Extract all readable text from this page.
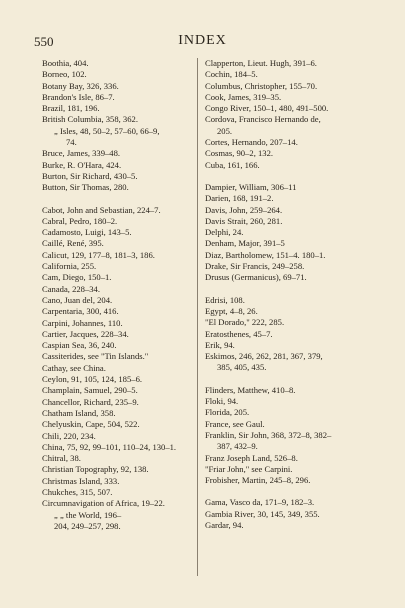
550	INDEX
Boothia, 404.
Borneo, 102.
Botany Bay, 326, 336.
Brandon's Isle, 86–7.
Brazil, 181, 196.
British Columbia, 358, 362.
„ Isles, 48, 50–2, 57–60, 66–9,
74.
Bruce, James, 339–48.
Burke, R. O'Hara, 424.
Burton, Sir Richard, 430–5.
Button, Sir Thomas, 280.
Cabot, John and Sebastian, 224–7.
Cabral, Pedro, 180–2.
Cadamosto, Luigi, 143–5.
Caillé, René, 395.
Calicut, 129, 177–8, 181–3, 186.
California, 255.
Cam, Diego, 150–1.
Canada, 228–34.
Cano, Juan del, 204.
Carpentaria, 300, 416.
Carpini, Johannes, 110.
Cartier, Jacques, 228–34.
Caspian Sea, 36, 240.
Cassiterides, see "Tin Islands."
Cathay, see China.
Ceylon, 91, 105, 124, 185–6.
Champlain, Samuel, 290–5.
Chancellor, Richard, 235–9.
Chatham Island, 358.
Chelyuskin, Cape, 504, 522.
Chili, 220, 234.
China, 75, 92, 99–101, 110–24, 130–1.
Chitral, 38.
Christian Topography, 92, 138.
Christmas Island, 333.
Chukches, 315, 507.
Circumnavigation of Africa, 19–22.
„ „ the World, 196–
204, 249–257, 298.
Clapperton, Lieut. Hugh, 391–6.
Cochin, 184–5.
Columbus, Christopher, 155–70.
Cook, James, 319–35.
Congo River, 150–1, 480, 491–500.
Cordova, Francisco Hernando de,
205.
Cortes, Hernando, 207–14.
Cosmas, 90–2, 132.
Cuba, 161, 166.
Dampier, William, 306–11
Darien, 168, 191–2.
Davis, John, 259–264.
Davis Strait, 260, 281.
Delphi, 24.
Denham, Major, 391–5
Diaz, Bartholomew, 151–4. 180–1.
Drake, Sir Francis, 249–258.
Drusus (Germanicus), 69–71.
Edrisi, 108.
Egypt, 4–8, 26.
"El Dorado," 222, 285.
Eratosthenes, 45–7.
Erik, 94.
Eskimos, 246, 262, 281, 367, 379,
385, 405, 435.
Flinders, Matthew, 410–8.
Floki, 94.
Florida, 205.
France, see Gaul.
Franklin, Sir John, 368, 372–8, 382–
387, 432–9.
Franz Joseph Land, 526–8.
"Friar John," see Carpini.
Frobisher, Martin, 245–8, 296.
Gama, Vasco da, 171–9, 182–3.
Gambia River, 30, 145, 349, 355.
Gardar, 94.
